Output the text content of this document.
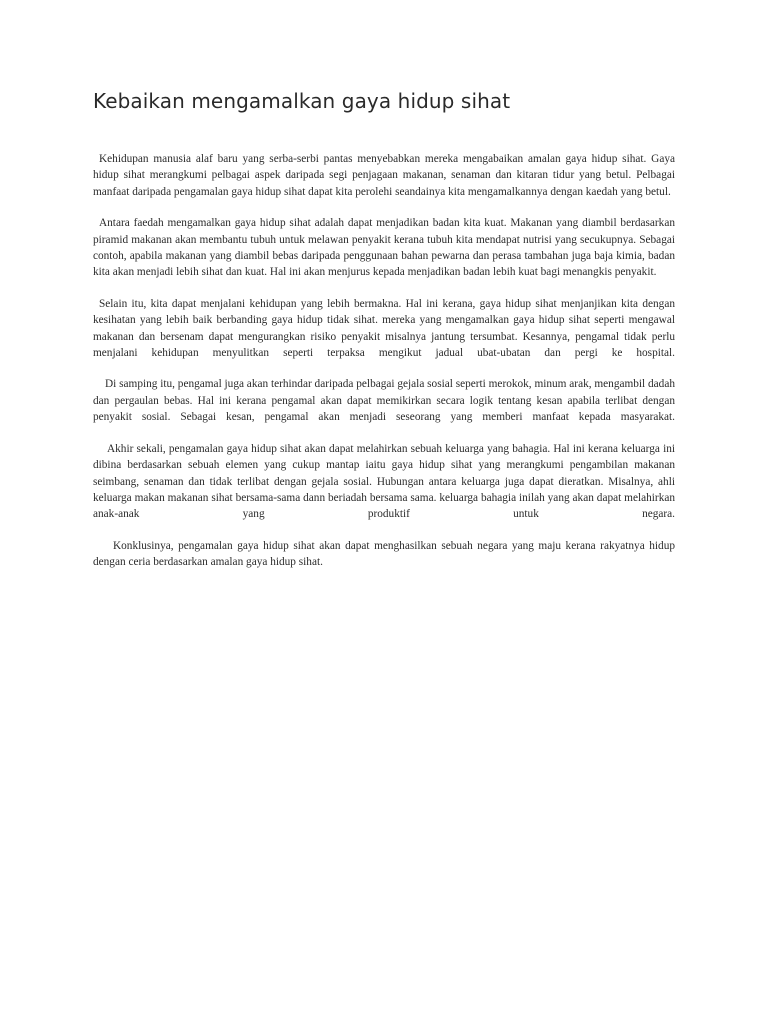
Kebaikan mengamalkan gaya hidup sihat

Kehidupan manusia alaf baru yang serba-serbi pantas menyebabkan mereka mengabaikan amalan gaya hidup sihat. Gaya hidup sihat merangkumi pelbagai aspek daripada segi penjagaan makanan, senaman dan kitaran tidur yang betul. Pelbagai manfaat daripada pengamalan gaya hidup sihat dapat kita perolehi seandainya kita mengamalkannya dengan kaedah yang betul.

Antara faedah mengamalkan gaya hidup sihat adalah dapat menjadikan badan kita kuat. Makanan yang diambil berdasarkan piramid makanan akan membantu tubuh untuk melawan penyakit kerana tubuh kita mendapat nutrisi yang secukupnya. Sebagai contoh, apabila makanan yang diambil bebas daripada penggunaan bahan pewarna dan perasa tambahan juga baja kimia, badan kita akan menjadi lebih sihat dan kuat. Hal ini akan menjurus kepada menjadikan badan lebih kuat bagi menangkis penyakit.

Selain itu, kita dapat menjalani kehidupan yang lebih bermakna. Hal ini kerana, gaya hidup sihat menjanjikan kita dengan kesihatan yang lebih baik berbanding gaya hidup tidak sihat. mereka yang mengamalkan gaya hidup sihat seperti mengawal makanan dan bersenam dapat mengurangkan risiko penyakit misalnya jantung tersumbat. Kesannya, pengamal tidak perlu menjalani kehidupan menyulitkan seperti terpaksa mengikut jadual ubat-ubatan dan pergi ke hospital.

Di samping itu, pengamal juga akan terhindar daripada pelbagai gejala sosial seperti merokok, minum arak, mengambil dadah dan pergaulan bebas. Hal ini kerana pengamal akan dapat memikirkan secara logik tentang kesan apabila terlibat dengan penyakit sosial. Sebagai kesan, pengamal akan menjadi seseorang yang memberi manfaat kepada masyarakat.

Akhir sekali, pengamalan gaya hidup sihat akan dapat melahirkan sebuah keluarga yang bahagia. Hal ini kerana keluarga ini dibina berdasarkan sebuah elemen yang cukup mantap iaitu gaya hidup sihat yang merangkumi pengambilan makanan seimbang, senaman dan tidak terlibat dengan gejala sosial. Hubungan antara keluarga juga dapat dieratkan. Misalnya, ahli keluarga makan makanan sihat bersama-sama dann beriadah bersama sama. keluarga bahagia inilah yang akan dapat melahirkan anak-anak yang produktif untuk negara.

Konklusinya, pengamalan gaya hidup sihat akan dapat menghasilkan sebuah negara yang maju kerana rakyatnya hidup dengan ceria berdasarkan amalan gaya hidup sihat.
